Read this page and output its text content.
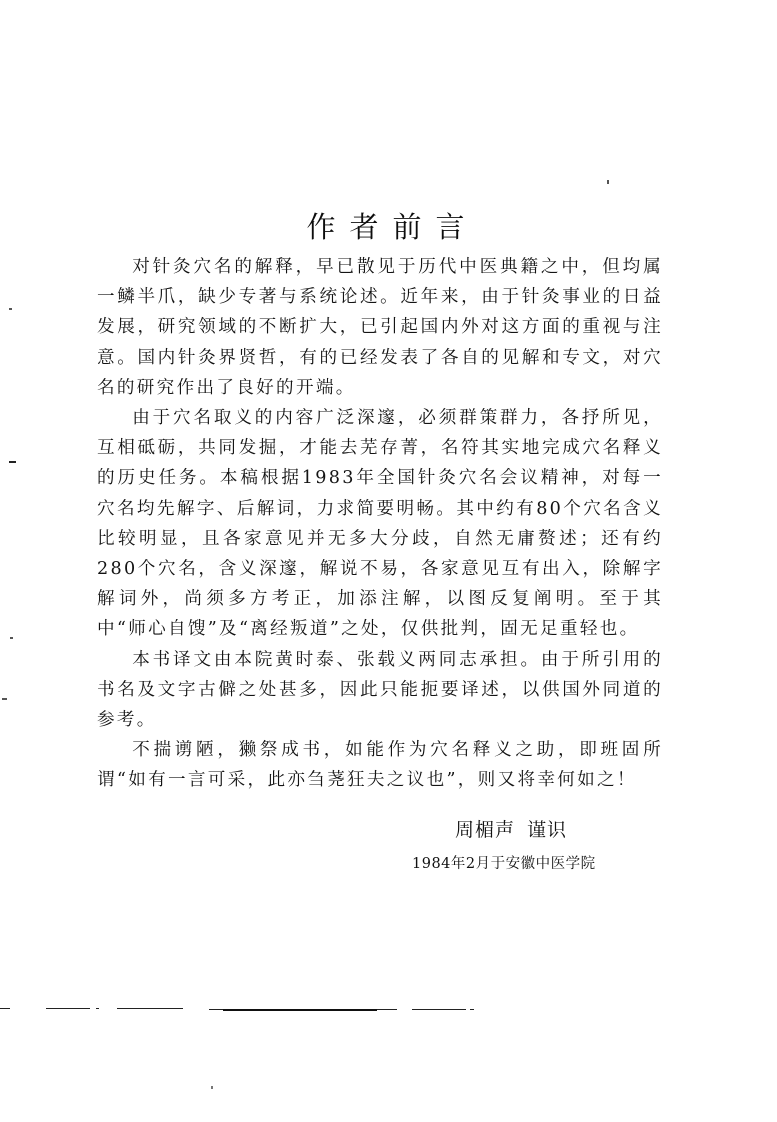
作者前言

对针灸穴名的解释，早已散见于历代中医典籍之中，但均属一鳞半爪，缺少专著与系统论述。近年来，由于针灸事业的日益发展，研究领域的不断扩大，已引起国内外对这方面的重视与注意。国内针灸界贤哲，有的已经发表了各自的见解和专文，对穴名的研究作出了良好的开端。

由于穴名取义的内容广泛深邃，必须群策群力，各抒所见，互相砥砺，共同发掘，才能去芜存菁，名符其实地完成穴名释义的历史任务。本稿根据1983年全国针灸穴名会议精神，对每一穴名均先解字、后解词，力求简要明畅。其中约有80个穴名含义比较明显，且各家意见并无多大分歧，自然无庸赘述；还有约280个穴名，含义深邃，解说不易，各家意见互有出入，除解字解词外，尚须多方考正，加添注解，以图反复阐明。至于其中“师心自馊”及“离经叛道”之处，仅供批判，固无足重轻也。

本书译文由本院黄时泰、张载义两同志承担。由于所引用的书名及文字古僻之处甚多，因此只能扼要译述，以供国外同道的参考。

不揣谫陋，獭祭成书，如能作为穴名释义之助，即班固所谓“如有一言可采，此亦刍荛狂夫之议也”，则又将幸何如之！

周楣声 谨识
1984年2月于安徽中医学院
